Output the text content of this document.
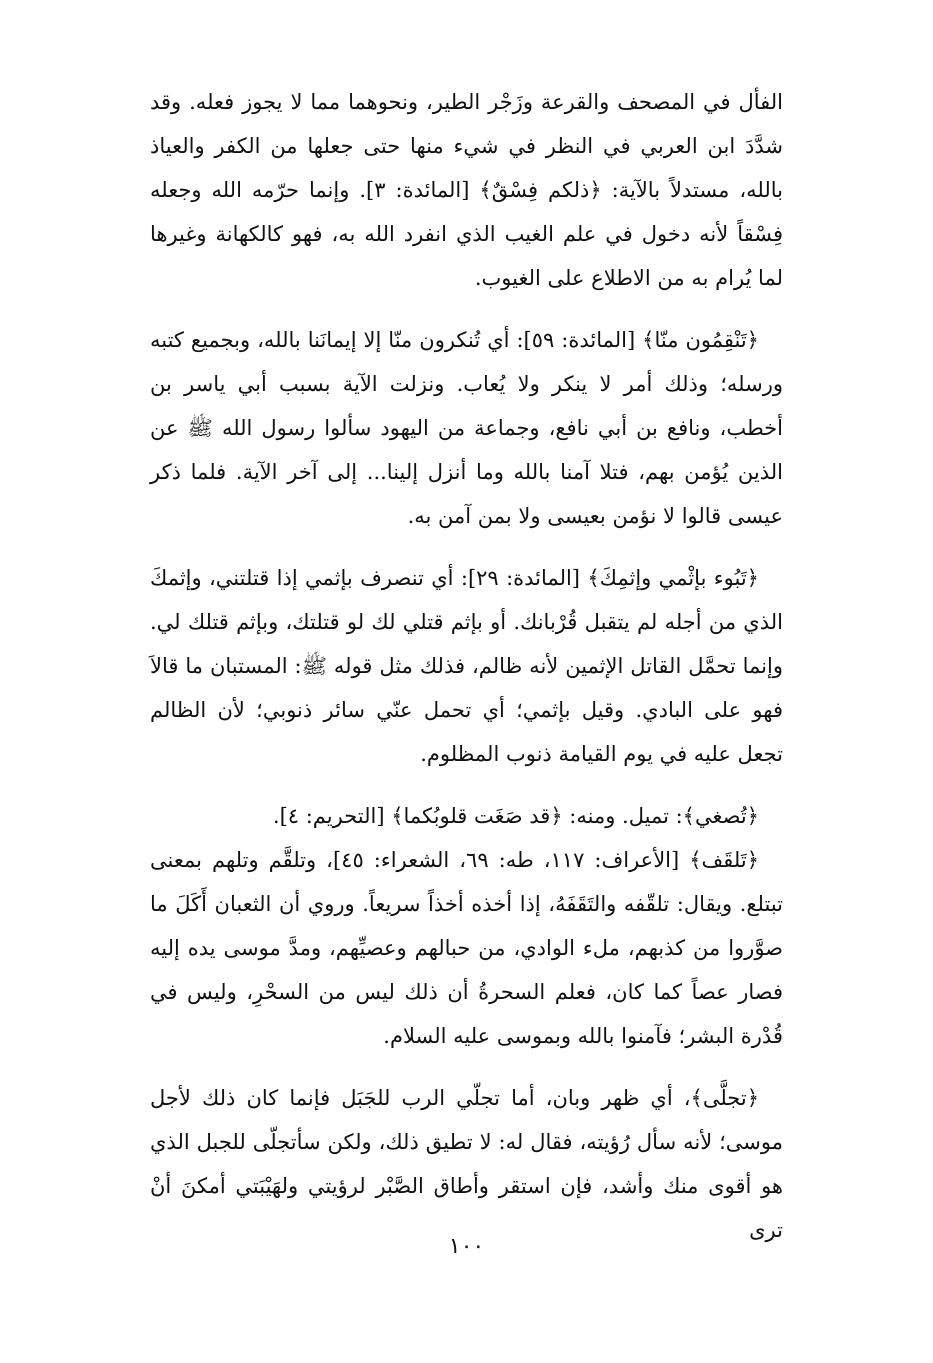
الفأل في المصحف والقرعة وزَجْر الطير، ونحوهما مما لا يجوز فعله. وقد شدَّدَ ابن العربي في النظر في شيء منها حتى جعلها من الكفر والعياذ بالله، مستدلاً بالآية: ﴿ذلكم فِسْقٌ﴾ [المائدة: ٣]. وإنما حرّمه الله وجعله فِسْقاً لأنه دخول في علم الغيب الذي انفرد الله به، فهو كالكهانة وغيرها لما يُرام به من الاطلاع على الغيوب.

﴿تَنْقِمُون منّا﴾ [المائدة: ٥٩]: أي تُنكرون منّا إلا إيمانَنا بالله، وبجميع كتبه ورسله؛ وذلك أمر لا ينكر ولا يُعاب. ونزلت الآية بسبب أبي ياسر بن أخطب، ونافع بن أبي نافع، وجماعة من اليهود سألوا رسول الله ﷺ عن الذين يُؤمن بهم، فتلا آمنا بالله وما أنزل إلينا... إلى آخر الآية. فلما ذكر عيسى قالوا لا نؤمن بعيسى ولا بمن آمن به.

﴿تَبُوء بإثْمي وإثمِكَ﴾ [المائدة: ٢٩]: أي تنصرف بإثمي إذا قتلتني، وإثمكَ الذي من أجله لم يتقبل قُرْبانك. أو بإثم قتلي لك لو قتلتك، وبإثم قتلك لي. وإنما تحمَّل القاتل الإثمين لأنه ظالم، فذلك مثل قوله ﷺ: المستبان ما قالاَ فهو على البادي. وقيل بإثمي؛ أي تحمل عنّي سائر ذنوبي؛ لأن الظالم تجعل عليه في يوم القيامة ذنوب المظلوم.

﴿تُصغي﴾: تميل. ومنه: ﴿قد صَغَت قلوبُكما﴾ [التحريم: ٤].

﴿تَلقَف﴾ [الأعراف: ١١٧، طه: ٦٩، الشعراء: ٤٥]، وتلقَّم وتلهم بمعنى تبتلع. ويقال: تلقّفه والتَقَفَهُ، إذا أخذه أخذاً سريعاً. وروي أن الثعبان أَكَلَ ما صوَّروا من كذبهم، ملء الوادي، من حبالهم وعصيِّهم، ومدَّ موسى يده إليه فصار عصاً كما كان، فعلم السحرةُ أن ذلك ليس من السحْرِ، وليس في قُدْرة البشر؛ فآمنوا بالله وبموسى عليه السلام.

﴿تجلَّى﴾، أي ظهر وبان، أما تجلّي الرب للجَبَل فإنما كان ذلك لأجل موسى؛ لأنه سأل رُؤيته، فقال له: لا تطيق ذلك، ولكن سأتجلّى للجبل الذي هو أقوى منك وأشد، فإن استقر وأطاق الصَّبْر لرؤيتي ولهَيْبَتي أمكنَ أنْ ترى

١٠٠
